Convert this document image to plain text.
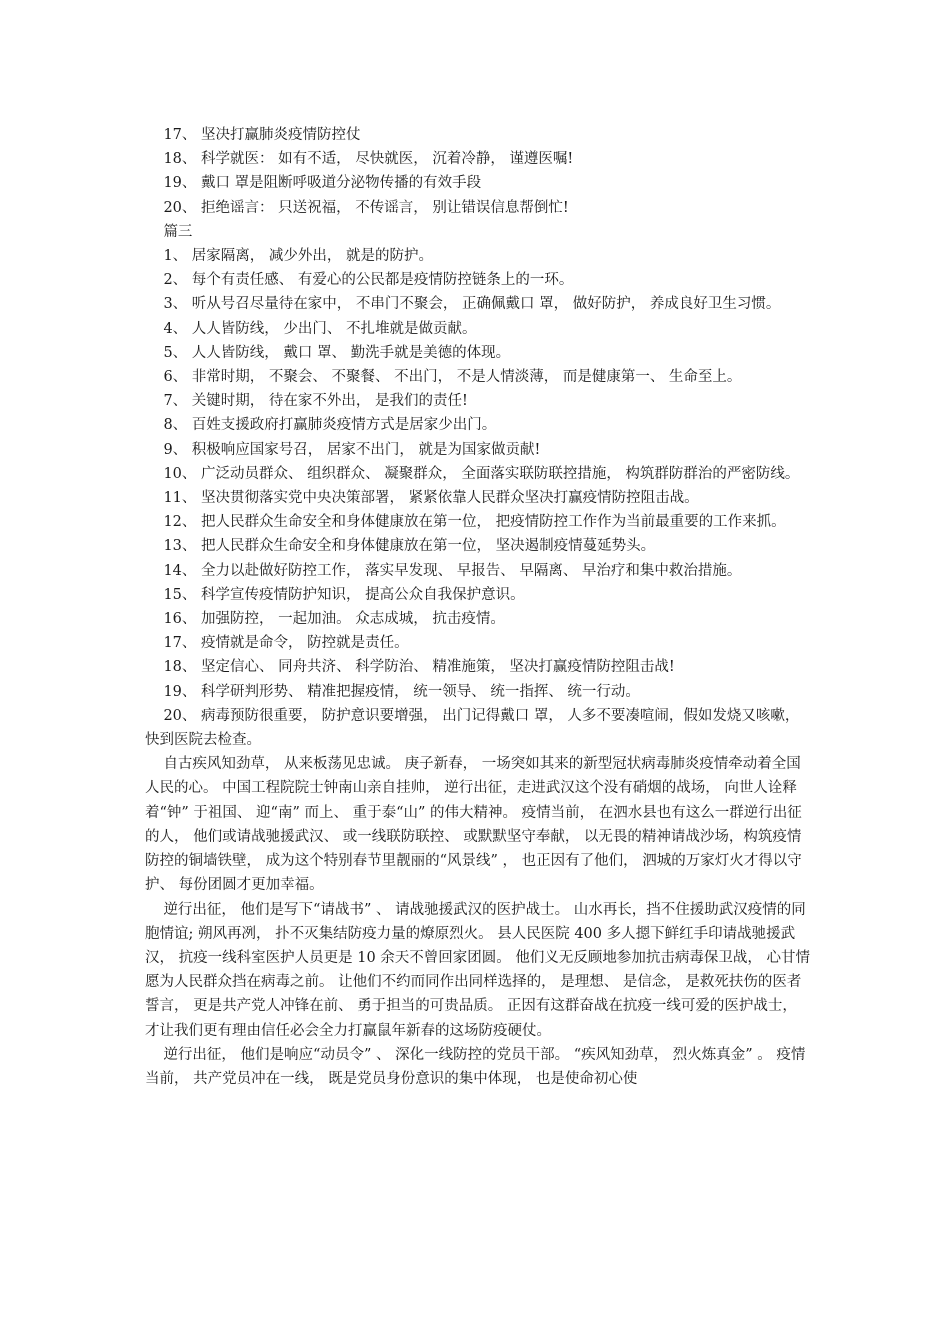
17、 坚决打赢肺炎疫情防控仗
18、 科学就医： 如有不适， 尽快就医， 沉着冷静， 谨遵医嘱!
19、 戴口 罩是阻断呼吸道分泌物传播的有效手段
20、 拒绝谣言： 只送祝福， 不传谣言， 别让错误信息帮倒忙!
篇三
1、 居家隔离， 减少外出， 就是的防护。
2、 每个有责任感、 有爱心的公民都是疫情防控链条上的一环。
3、 听从号召尽量待在家中， 不串门不聚会， 正确佩戴口 罩， 做好防护， 养成良好卫生习惯。
4、 人人皆防线， 少出门、 不扎堆就是做贡献。
5、 人人皆防线， 戴口 罩、 勤洗手就是美德的体现。
6、 非常时期， 不聚会、 不聚餐、 不出门， 不是人情淡薄， 而是健康第一、 生命至上。
7、 关键时期， 待在家不外出， 是我们的责任!
8、 百姓支援政府打赢肺炎疫情方式是居家少出门。
9、 积极响应国家号召， 居家不出门， 就是为国家做贡献!
10、 广泛动员群众、 组织群众、 凝聚群众， 全面落实联防联控措施， 构筑群防群治的严密防线。
11、 坚决贯彻落实党中央决策部署， 紧紧依靠人民群众坚决打赢疫情防控阻击战。
12、 把人民群众生命安全和身体健康放在第一位， 把疫情防控工作作为当前最重要的工作来抓。
13、 把人民群众生命安全和身体健康放在第一位， 坚决遏制疫情蔓延势头。
14、 全力以赴做好防控工作， 落实早发现、 早报告、 早隔离、 早治疗和集中救治措施。
15、 科学宣传疫情防护知识， 提高公众自我保护意识。
16、 加强防控， 一起加油。 众志成城， 抗击疫情。
17、 疫情就是命令， 防控就是责任。
18、 坚定信心、 同舟共济、 科学防治、 精准施策， 坚决打赢疫情防控阻击战!
19、 科学研判形势、 精准把握疫情， 统一领导、 统一指挥、 统一行动。
20、 病毒预防很重要， 防护意识要增强， 出门记得戴口 罩， 人多不要凑喧闹，假如发烧又咳嗽， 快到医院去检查。
自古疾风知劲草， 从来板荡见忠诚。 庚子新春， 一场突如其来的新型冠状病毒肺炎疫情牵动着全国人民的心。 中国工程院院士钟南山亲自挂帅， 逆行出征，走进武汉这个没有硝烟的战场， 向世人诠释着“钟” 于祖国、 迎“南” 而上、 重于泰“山” 的伟大精神。 疫情当前， 在泗水县也有这么一群逆行出征的人， 他们或请战驰援武汉、 或一线联防联控、 或默默坚守奉献， 以无畏的精神请战沙场，构筑疫情防控的铜墙铁壁， 成为这个特别春节里靓丽的“风景线” ， 也正因有了他们， 泗城的万家灯火才得以守护、 每份团圆才更加幸福。
逆行出征， 他们是写下“请战书” 、 请战驰援武汉的医护战士。 山水再长，挡不住援助武汉疫情的同胞情谊; 朔风再冽， 扑不灭集结防疫力量的燎原烈火。 县人民医院 400 多人摁下鲜红手印请战驰援武汉， 抗疫一线科室医护人员更是 10 余天不曾回家团圆。 他们义无反顾地参加抗击病毒保卫战， 心甘情愿为人民群众挡在病毒之前。 让他们不约而同作出同样选择的， 是理想、 是信念， 是救死扶伤的医者誓言， 更是共产党人冲锋在前、 勇于担当的可贵品质。 正因有这群奋战在抗疫一线可爱的医护战士， 才让我们更有理由信任必会全力打赢鼠年新春的这场防疫硬仗。
逆行出征， 他们是响应“动员令” 、 深化一线防控的党员干部。 “疾风知劲草， 烈火炼真金” 。 疫情当前， 共产党员冲在一线， 既是党员身份意识的集中体现， 也是使命初心使
